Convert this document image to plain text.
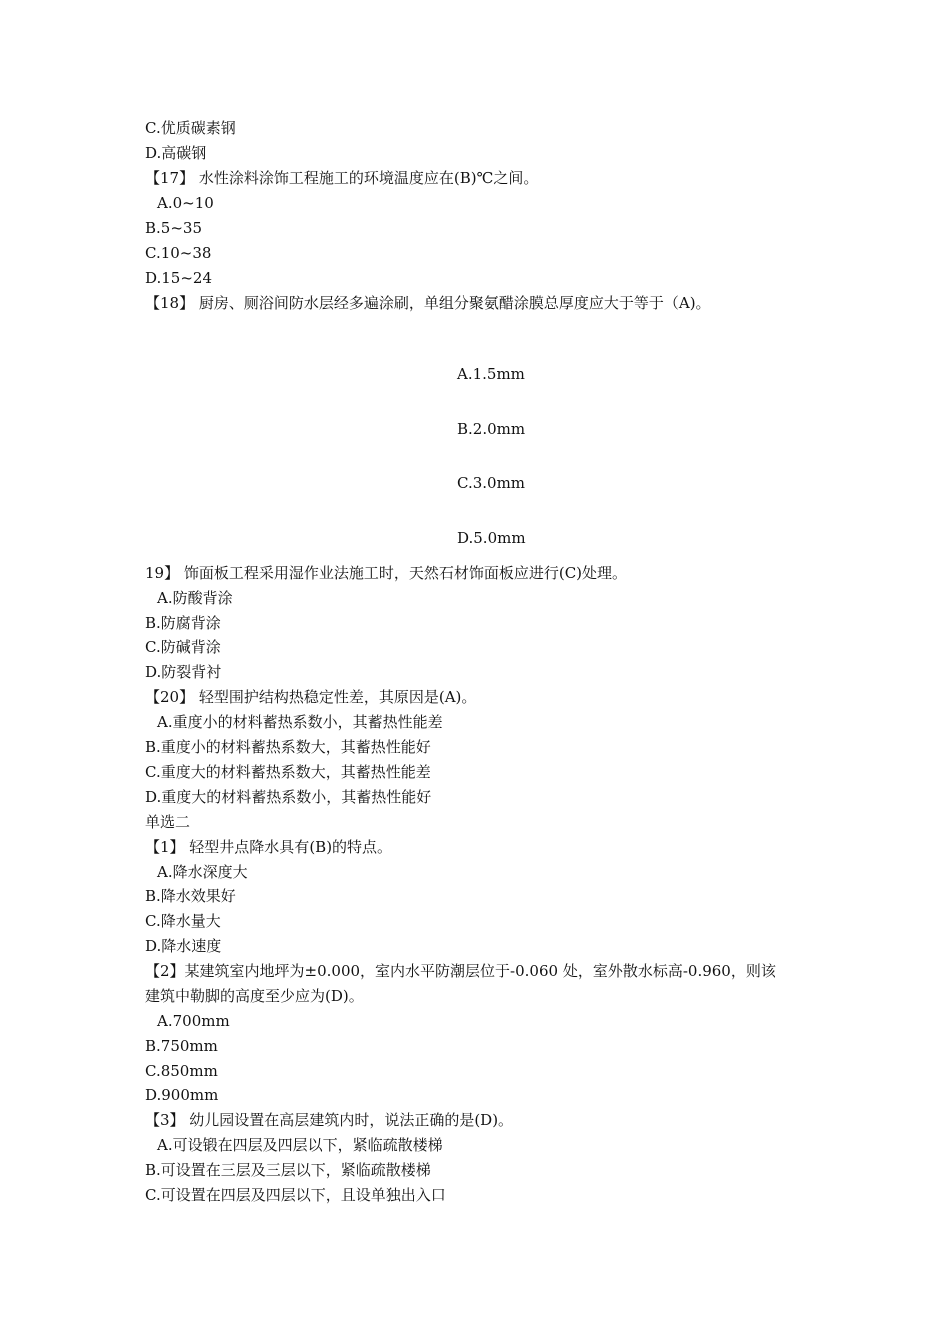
C.优质碳素钢
D.高碳钢
【17】 水性涂料涂饰工程施工的环境温度应在(B)℃之间。
A.0~10
B.5~35
C.10~38
D.15~24
【18】 厨房、厕浴间防水层经多遍涂刷，单组分聚氨醋涂膜总厚度应大于等于（A)。
A.1.5mm
B.2.0mm
C.3.0mm
D.5.0mm
19】 饰面板工程采用湿作业法施工时，天然石材饰面板应进行(C)处理。
A.防酸背涂
B.防腐背涂
C.防碱背涂
D.防裂背衬
【20】 轻型围护结构热稳定性差，其原因是(A)。
A.重度小的材料蓄热系数小，其蓄热性能差
B.重度小的材料蓄热系数大，其蓄热性能好
C.重度大的材料蓄热系数大，其蓄热性能差
D.重度大的材料蓄热系数小，其蓄热性能好
单选二
【1】 轻型井点降水具有(B)的特点。
A.降水深度大
B.降水效果好
C.降水量大
D.降水速度
【2】某建筑室内地坪为±0.000，室内水平防潮层位于-0.060 处，室外散水标高-0.960，则该
建筑中勒脚的高度至少应为(D)。
A.700mm
B.750mm
C.850mm
D.900mm
【3】 幼儿园设置在高层建筑内时，说法正确的是(D)。
A.可设锻在四层及四层以下，紧临疏散楼梯
B.可设置在三层及三层以下，紧临疏散楼梯
C.可设置在四层及四层以下，且设单独出入口
